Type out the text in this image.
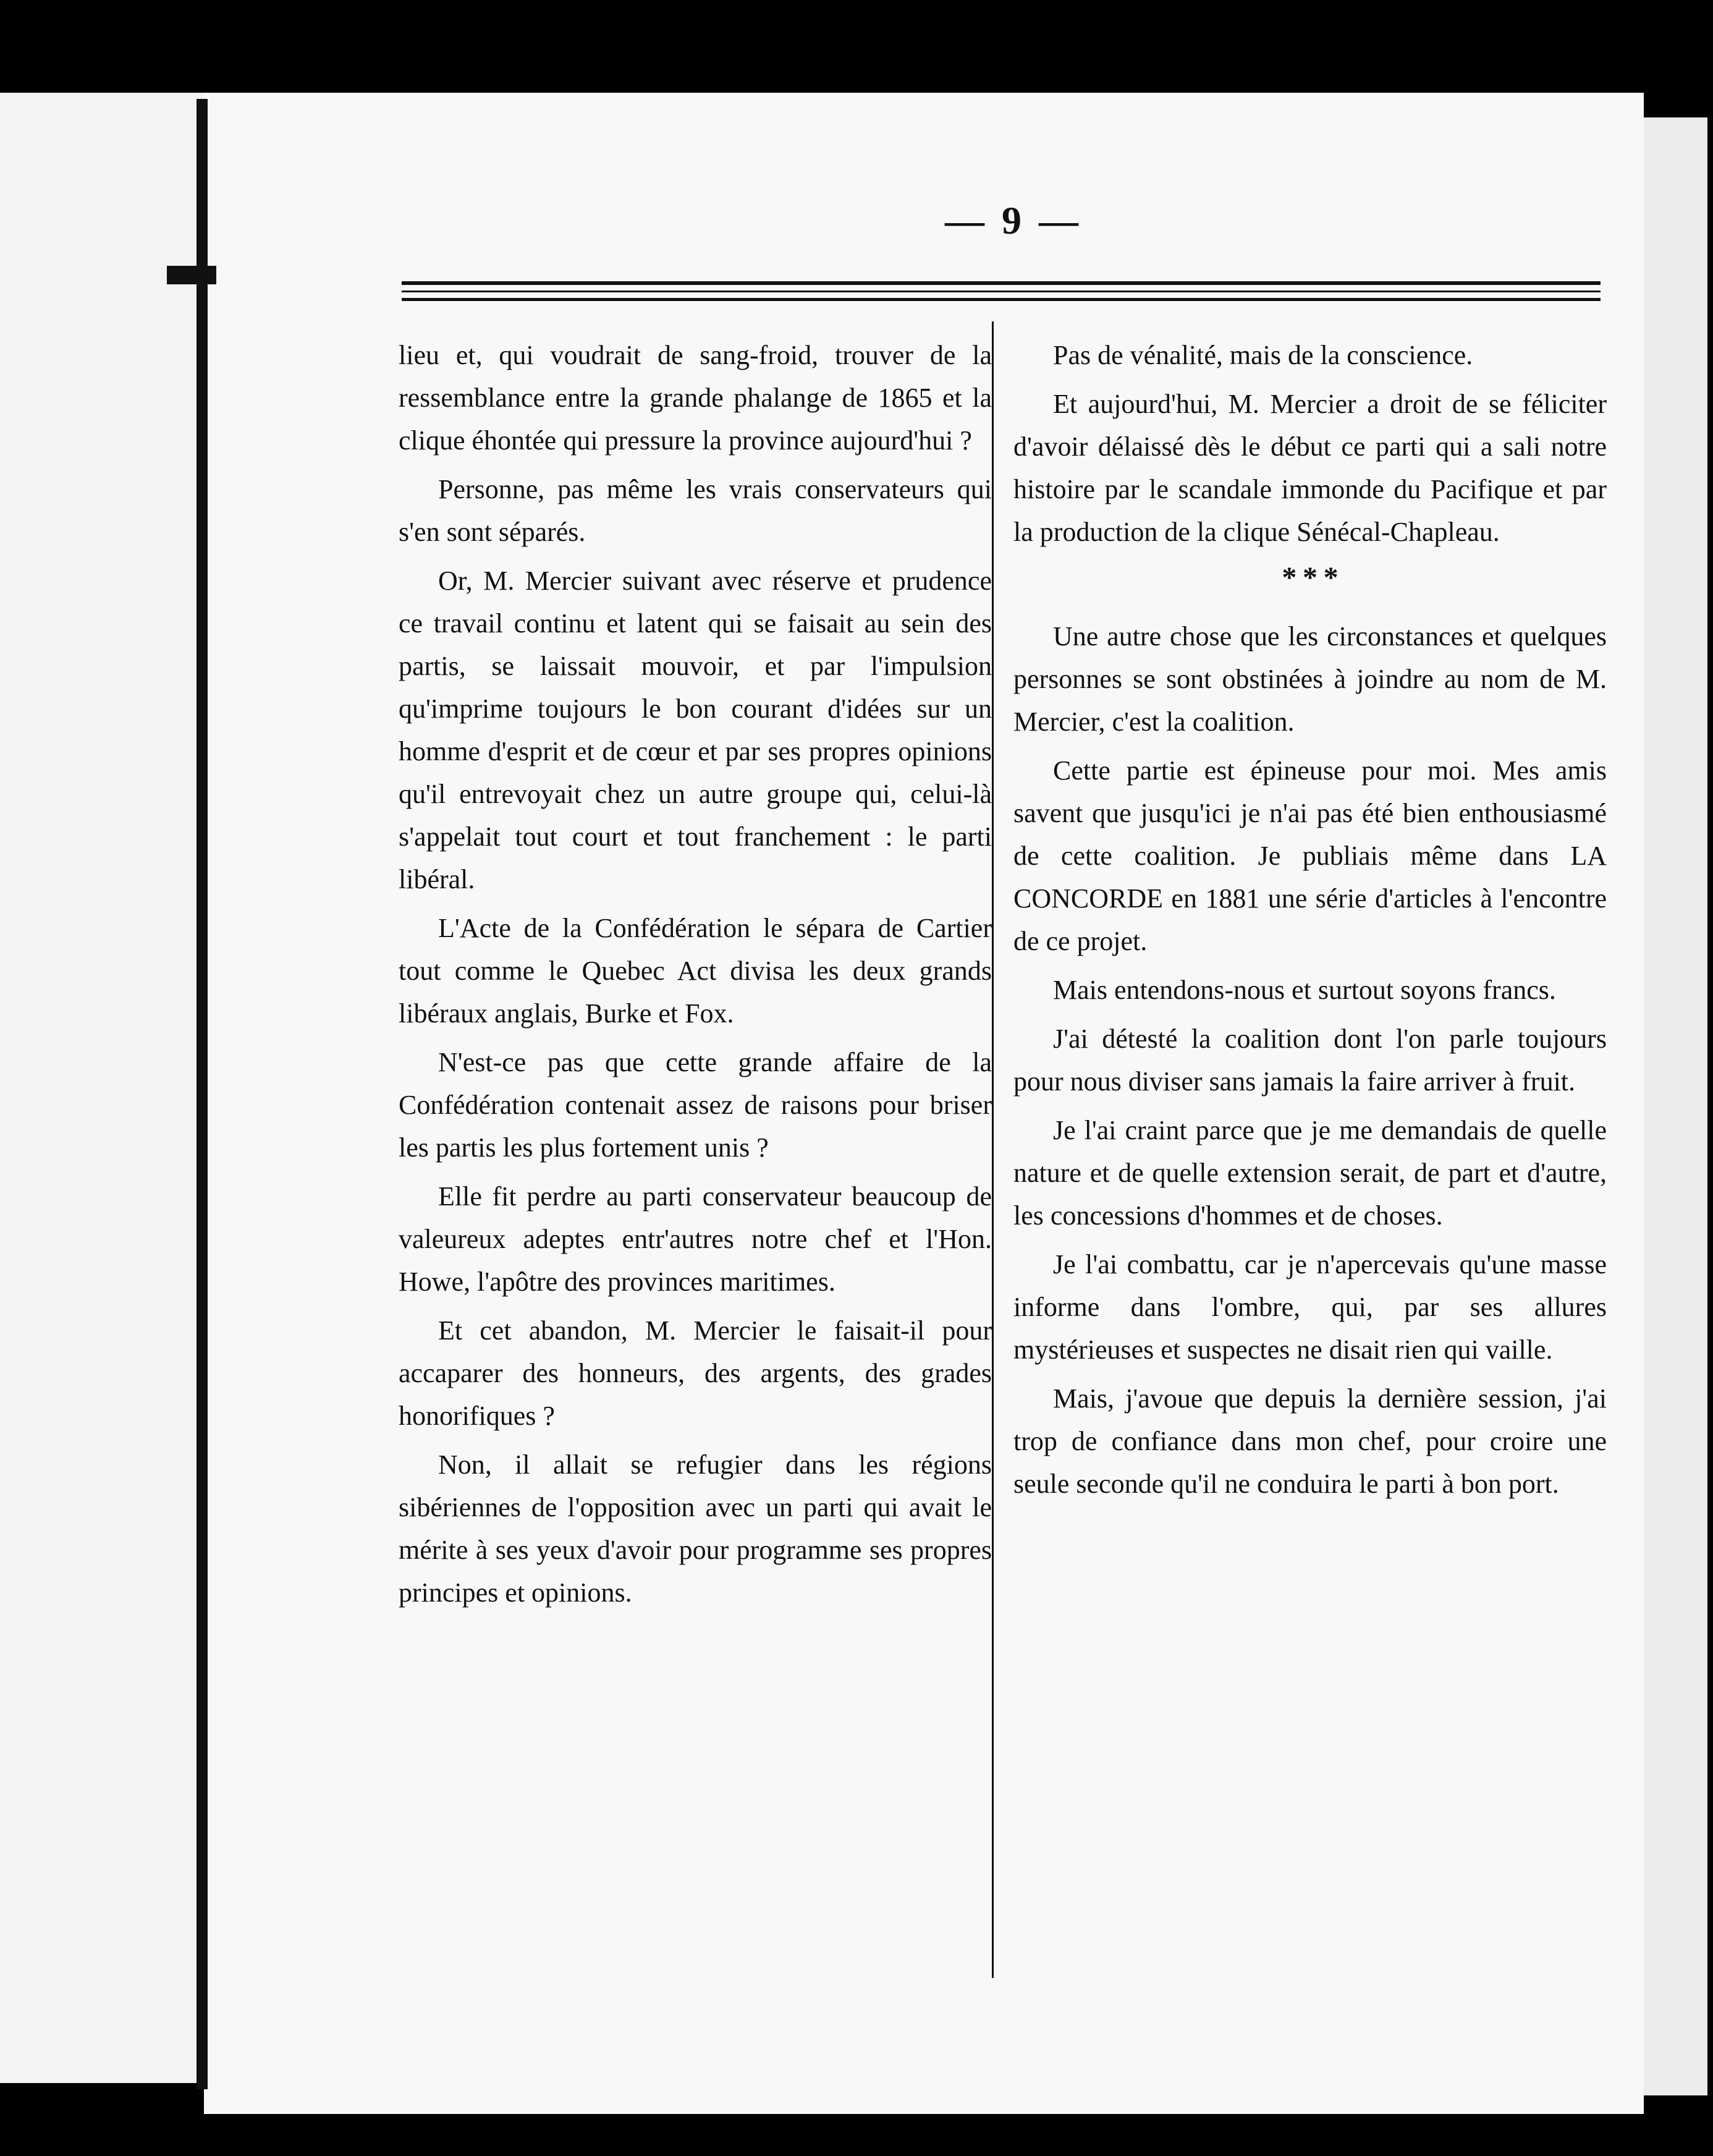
— 9 —

lieu et, qui voudrait de sang-froid, trouver de la ressemblance entre la grande phalange de 1865 et la clique éhontée qui pressure la province aujourd'hui ?

Personne, pas même les vrais conservateurs qui s'en sont séparés.

Or, M. Mercier suivant avec réserve et prudence ce travail continu et latent qui se faisait au sein des partis, se laissait mouvoir, et par l'impulsion qu'imprime toujours le bon courant d'idées sur un homme d'esprit et de cœur et par ses propres opinions qu'il entrevoyait chez un autre groupe qui, celui-là s'appelait tout court et tout franchement : le parti libéral.

L'Acte de la Confédération le sépara de Cartier tout comme le Quebec Act divisa les deux grands libéraux anglais, Burke et Fox.

N'est-ce pas que cette grande affaire de la Confédération contenait assez de raisons pour briser les partis les plus fortement unis ?

Elle fit perdre au parti conservateur beaucoup de valeureux adeptes entr'autres notre chef et l'Hon. Howe, l'apôtre des provinces maritimes.

Et cet abandon, M. Mercier le faisait-il pour accaparer des honneurs, des argents, des grades honorifiques ?

Non, il allait se refugier dans les régions sibériennes de l'opposition avec un parti qui avait le mérite à ses yeux d'avoir pour programme ses propres principes et opinions.

Pas de vénalité, mais de la conscience.

Et aujourd'hui, M. Mercier a droit de se féliciter d'avoir délaissé dès le début ce parti qui a sali notre histoire par le scandale immonde du Pacifique et par la production de la clique Sénécal-Chapleau.

* * *

Une autre chose que les circonstances et quelques personnes se sont obstinées à joindre au nom de M. Mercier, c'est la coalition.

Cette partie est épineuse pour moi. Mes amis savent que jusqu'ici je n'ai pas été bien enthousiasmé de cette coalition. Je publiais même dans LA CONCORDE en 1881 une série d'articles à l'encontre de ce projet.

Mais entendons-nous et surtout soyons francs.

J'ai détesté la coalition dont l'on parle toujours pour nous diviser sans jamais la faire arriver à fruit.

Je l'ai craint parce que je me demandais de quelle nature et de quelle extension serait, de part et d'autre, les concessions d'hommes et de choses.

Je l'ai combattu, car je n'apercevais qu'une masse informe dans l'ombre, qui, par ses allures mystérieuses et suspectes ne disait rien qui vaille.

Mais, j'avoue que depuis la dernière session, j'ai trop de confiance dans mon chef, pour croire une seule seconde qu'il ne conduira le parti à bon port.
